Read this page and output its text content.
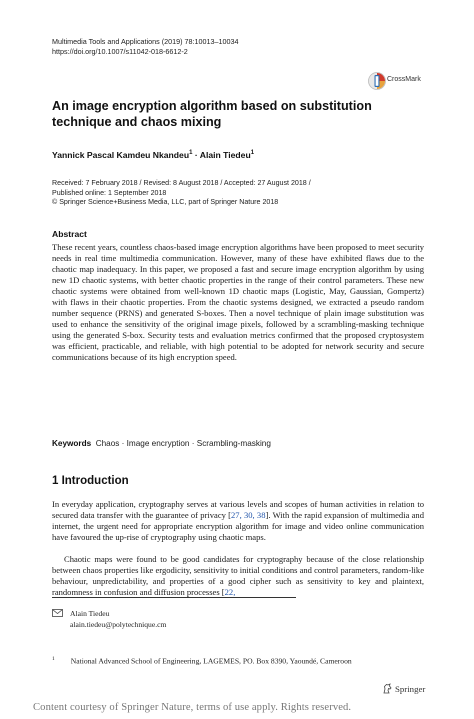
Multimedia Tools and Applications (2019) 78:10013–10034
https://doi.org/10.1007/s11042-018-6612-2
CrossMark
An image encryption algorithm based on substitution technique and chaos mixing
Yannick Pascal Kamdeu Nkandeu$^1$ · Alain Tiedeu$^1$
Received: 7 February 2018 / Revised: 8 August 2018 / Accepted: 27 August 2018 /
Published online: 1 September 2018
© Springer Science+Business Media, LLC, part of Springer Nature 2018
Abstract
These recent years, countless chaos-based image encryption algorithms have been proposed to meet security needs in real time multimedia communication. However, many of these have exhibited flaws due to the chaotic map inadequacy. In this paper, we proposed a fast and secure image encryption algorithm by using new 1D chaotic systems, with better chaotic properties in the range of their control parameters. These new chaotic systems were obtained from well-known 1D chaotic maps (Logistic, May, Gaussian, Gompertz) with flaws in their chaotic properties. From the chaotic systems designed, we extracted a pseudo random number sequence (PRNS) and generated S-boxes. Then a novel technique of plain image substitution was used to enhance the sensitivity of the original image pixels, followed by a scrambling-masking technique using the generated S-box. Security tests and evaluation metrics confirmed that the proposed cryptosystem was efficient, practicable, and reliable, with high potential to be adopted for network security and secure communications because of its high encryption speed.
Keywords Chaos · Image encryption · Scrambling-masking
1 Introduction
In everyday application, cryptography serves at various levels and scopes of human activities in relation to secured data transfer with the guarantee of privacy [27, 30, 38]. With the rapid expansion of multimedia and internet, the urgent need for appropriate encryption algorithm for image and video online communication have favoured the up-rise of cryptography using chaotic maps.
Chaotic maps were found to be good candidates for cryptography because of the close relationship between chaos properties like ergodicity, sensitivity to initial conditions and control parameters, random-like behaviour, unpredictability, and properties of a good cipher such as sensitivity to key and plaintext, randomness in confusion and diffusion processes [22,
Alain Tiedeu
alain.tiedeu@polytechnique.cm
$^1$ National Advanced School of Engineering, LAGEMES, PO. Box 8390, Yaoundé, Cameroon
Springer
Content courtesy of Springer Nature, terms of use apply. Rights reserved.
